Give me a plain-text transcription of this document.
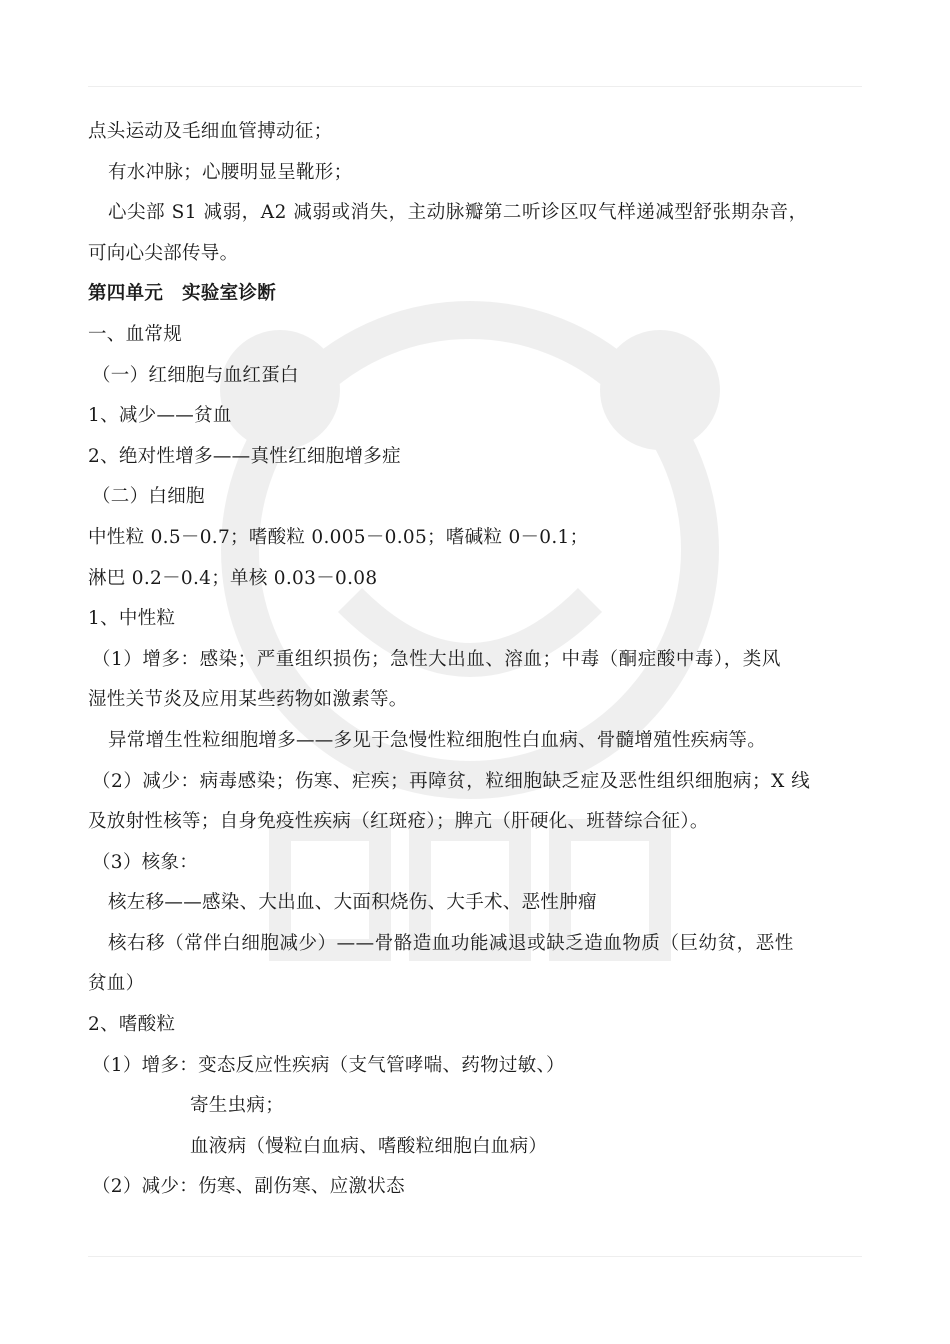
点头运动及毛细血管搏动征；
有水冲脉；心腰明显呈靴形；
心尖部 S1 减弱，A2 减弱或消失，主动脉瓣第二听诊区叹气样递减型舒张期杂音，
可向心尖部传导。
第四单元　实验室诊断
一、血常规
（一）红细胞与血红蛋白
1、减少——贫血
2、绝对性增多——真性红细胞增多症
（二）白细胞
中性粒 0.5－0.7；嗜酸粒 0.005－0.05；嗜碱粒 0－0.1；
淋巴 0.2－0.4；单核 0.03－0.08
1、中性粒
（1）增多：感染；严重组织损伤；急性大出血、溶血；中毒（酮症酸中毒），类风
湿性关节炎及应用某些药物如激素等。
异常增生性粒细胞增多——多见于急慢性粒细胞性白血病、骨髓增殖性疾病等。
（2）减少：病毒感染；伤寒、疟疾；再障贫，粒细胞缺乏症及恶性组织细胞病；X 线
及放射性核等；自身免疫性疾病（红斑疮）；脾亢（肝硬化、班替综合征）。
（3）核象：
核左移——感染、大出血、大面积烧伤、大手术、恶性肿瘤
核右移（常伴白细胞减少）——骨骼造血功能减退或缺乏造血物质（巨幼贫，恶性
贫血）
2、嗜酸粒
（1）增多：变态反应性疾病（支气管哮喘、药物过敏、）
寄生虫病；
血液病（慢粒白血病、嗜酸粒细胞白血病）
（2）减少：伤寒、副伤寒、应激状态
